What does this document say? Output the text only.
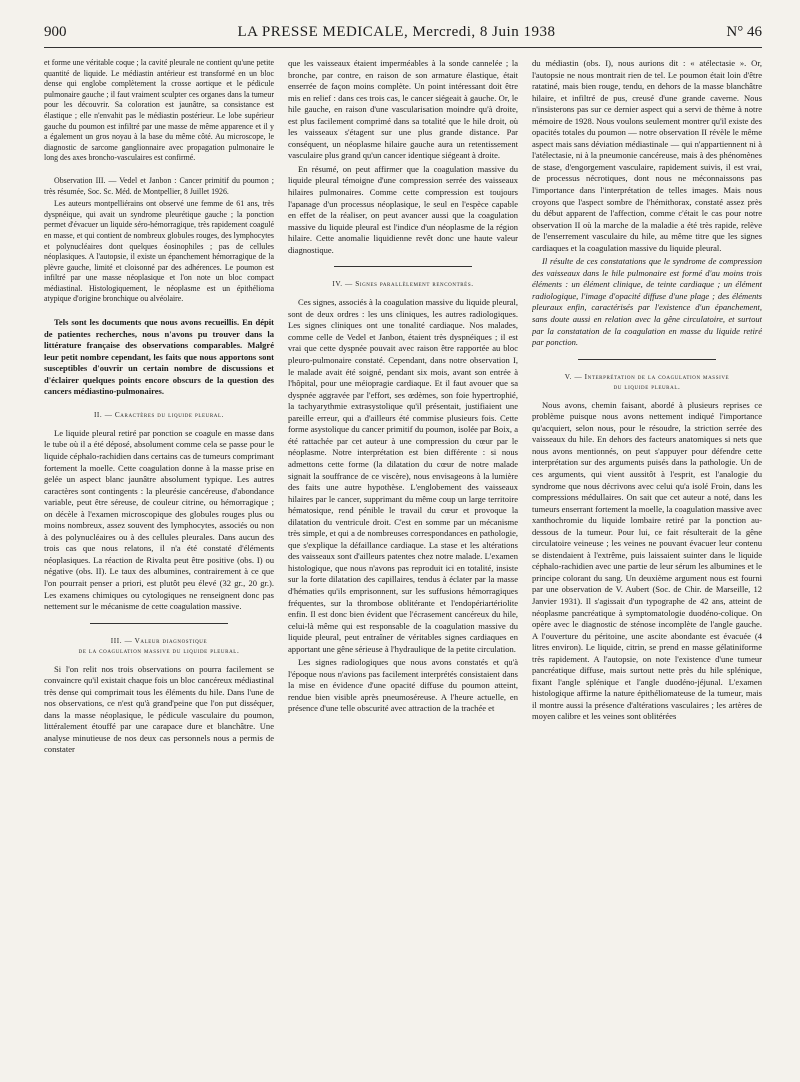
900	LA PRESSE MEDICALE, Mercredi, 8 Juin 1938	N° 46

et forme une véritable coque ; la cavité pleurale ne contient qu'une petite quantité de liquide. Le médiastin antérieur est transformé en un bloc dense qui englobe complètement la crosse aortique et le pédicule pulmonaire gauche ; il faut vraiment sculpter ces organes dans la tumeur pour les découvrir. Sa coloration est jaunâtre, sa consistance est élastique ; elle n'envahit pas le médiastin postérieur. Le lobe supérieur gauche du poumon est infiltré par une masse de même apparence et il y a également un gros noyau à la base du même côté. Au microscope, le diagnostic de sarcome ganglionnaire avec propagation pulmonaire le long des axes broncho-vasculaires est confirmé.

Observation III. — Vedel et Janbon : Cancer primitif du poumon ; très résumée, Soc. Sc. Méd. de Montpellier, 8 Juillet 1926.

Les auteurs montpelliérains ont observé une femme de 61 ans, très dyspnéique, qui avait un syndrome pleurétique gauche ; la ponction permet d'évacuer un liquide séro-hémorragique, très rapidement coagulé en masse, et qui contient de nombreux globules rouges, des lymphocytes et polynucléaires dont quelques éosinophiles ; pas de cellules néoplasiques. A l'autopsie, il existe un épanchement hémorragique de la plèvre gauche, limité et cloisonné par des adhérences. Le poumon est infiltré par une masse néoplasique et l'on note un bloc compact médiastinal. Histologiquement, le néoplasme est un épithélioma atypique d'origine bronchique ou alvéolaire.

Tels sont les documents que nous avons recueillis. En dépit de patientes recherches, nous n'avons pu trouver dans la littérature française des observations comparables. Malgré leur petit nombre cependant, les faits que nous apportons sont susceptibles d'ouvrir un certain nombre de discussions et d'éclairer quelques points encore obscurs de la question des cancers médiastino-pulmonaires.

II. — Caractères du liquide pleural.

Le liquide pleural retiré par ponction se coagule en masse dans le tube où il a été déposé, absolument comme cela se passe pour le liquide céphalo-rachidien dans certains cas de tumeurs comprimant fortement la moelle. Cette coagulation donne à la masse prise en gelée un aspect blanc jaunâtre absolument typique. Les autres caractères sont contingents : la pleurésie cancéreuse, d'abondance variable, peut être séreuse, de couleur citrine, ou hémorragique ; on décèle à l'examen microscopique des globules rouges plus ou moins nombreux, assez souvent des lymphocytes, associés ou non à des polynucléaires ou à des cellules pleurales. Dans aucun des trois cas que nous relatons, il n'a été constaté d'éléments néoplasiques. La réaction de Rivalta peut être positive (obs. I) ou négative (obs. II). Le taux des albumines, contrairement à ce que l'on pourrait penser a priori, est plutôt peu élevé (32 gr., 20 gr.). Les examens chimiques ou cytologiques ne renseignent donc pas nettement sur le mécanisme de cette coagulation massive.

III. — Valeur diagnostique
de la coagulation massive du liquide pleural.

Si l'on relit nos trois observations on pourra facilement se convaincre qu'il existait chaque fois un bloc cancéreux médiastinal très dense qui comprimait tous les éléments du hile. Dans l'une de nos observations, ce n'est qu'à grand'peine que l'on put disséquer, dans la masse néoplasique, le pédicule vasculaire du poumon, littéralement étouffé par une carapace dure et blanchâtre. Une analyse minutieuse de nos deux cas personnels nous a permis de constater

que les vaisseaux étaient imperméables à la sonde cannelée ; la bronche, par contre, en raison de son armature élastique, était enserrée de façon moins complète. Un point intéressant doit être mis en relief : dans ces trois cas, le cancer siégeait à gauche. Or, le hile gauche, en raison d'une vascularisation moindre qu'à droite, est plus facilement comprimé dans sa totalité que le hile droit, où les vaisseaux s'étagent sur une plus grande distance. Par conséquent, un néoplasme hilaire gauche aura un retentissement vasculaire plus grand qu'un cancer identique siégeant à droite.

En résumé, on peut affirmer que la coagulation massive du liquide pleural témoigne d'une compression serrée des vaisseaux hilaires pulmonaires. Comme cette compression est toujours l'apanage d'un processus néoplasique, le seul en l'espèce capable en effet de la réaliser, on peut avancer aussi que la coagulation massive du liquide pleural est l'indice d'un néoplasme de la région hilaire. Cette anomalie liquidienne revêt donc une haute valeur diagnostique.

IV. — Signes parallèlement rencontrés.

Ces signes, associés à la coagulation massive du liquide pleural, sont de deux ordres : les uns cliniques, les autres radiologiques. Les signes cliniques ont une tonalité cardiaque. Nos malades, comme celle de Vedel et Janbon, étaient très dyspnéiques ; il est vrai que cette dyspnée pouvait avec raison être rapportée au bloc pleuro-pulmonaire constaté. Cependant, dans notre observation I, le malade avait été soigné, pendant six mois, avant son entrée à l'hôpital, pour une méiopragie cardiaque. Et il faut avouer que sa dyspnée aggravée par l'effort, ses œdèmes, son foie hypertrophié, la tachyarythmie extrasystolique qu'il présentait, justifiaient une pareille erreur, qui a d'ailleurs été commise plusieurs fois. Cette forme asystolique du cancer primitif du poumon, isolée par Boix, a été rattachée par cet auteur à une compression du cœur par le néoplasme. Notre interprétation est bien différente : si nous admettons cette forme (la dilatation du cœur de notre malade signait la souffrance de ce viscère), nous envisageons à la lumière des faits une autre hypothèse. L'englobement des vaisseaux hilaires par le cancer, supprimant du même coup un large territoire hématosique, rend pénible le travail du cœur et provoque la dilatation du ventricule droit. C'est en somme par un mécanisme très simple, et qui a de nombreuses correspondances en pathologie, que s'explique la défaillance cardiaque. La stase et les altérations des vaisseaux sont d'ailleurs patentes chez notre malade. L'examen histologique, que nous n'avons pas reproduit ici en totalité, insiste sur la forte dilatation des capillaires, tendus à éclater par la masse d'hématies qu'ils emprisonnent, sur les suffusions hémorragiques fréquentes, sur la thrombose oblitérante et l'endopériartériolite enfin. Il est donc bien évident que l'écrasement cancéreux du hile, celui-là même qui est responsable de la coagulation massive du liquide pleural, peut entraîner de véritables signes cardiaques en apportant une gêne sérieuse à l'hydraulique de la petite circulation.

Les signes radiologiques que nous avons constatés et qu'à l'époque nous n'avions pas facilement interprétés consistaient dans la mise en évidence d'une opacité diffuse du poumon atteint, rendue bien visible après pneumoséreuse. A l'heure actuelle, en présence d'une telle obscurité avec attraction de la trachée et

du médiastin (obs. I), nous aurions dit : « atélectasie ». Or, l'autopsie ne nous montrait rien de tel. Le poumon était loin d'être ratatiné, mais bien rouge, tendu, en dehors de la masse blanchâtre hilaire, et infiltré de pus, creusé d'une grande caverne. Nous n'insisterons pas sur ce dernier aspect qui a servi de thème à notre mémoire de 1928. Nous voulons seulement montrer qu'il existe des opacités totales du poumon — notre observation II révèle le même aspect mais sans déviation médiastinale — qui n'appartiennent ni à l'atélectasie, ni à la pneumonie cancéreuse, mais à des phénomènes de stase, d'engorgement vasculaire, rapidement suivis, il est vrai, de processus nécrotiques, dont nous ne méconnaissons pas l'importance dans l'interprétation de telles images. Mais nous croyons que l'aspect sombre de l'hémithorax, constaté assez près du début apparent de l'affection, comme c'était le cas pour notre observation II où la marche de la maladie a été très rapide, relève de l'enserrement vasculaire du hile, au même titre que les signes cardiaques et la coagulation massive du liquide pleural.

Il résulte de ces constatations que le syndrome de compression des vaisseaux dans le hile pulmonaire est formé d'au moins trois éléments : un élément clinique, de teinte cardiaque ; un élément radiologique, l'image d'opacité diffuse d'une plage ; des éléments pleuraux enfin, caractérisés par l'existence d'un épanchement, sans doute aussi en relation avec la gêne circulatoire, et surtout par la constatation de la coagulation en masse du liquide retiré par ponction.

V. — Interprétation de la coagulation massive
du liquide pleural.

Nous avons, chemin faisant, abordé à plusieurs reprises ce problème puisque nous avons nettement indiqué l'importance qu'acquiert, selon nous, pour le résoudre, la striction serrée des vaisseaux du hile. En dehors des facteurs anatomiques si nets que nous avons mentionnés, on peut s'appuyer pour défendre cette interprétation sur des arguments puisés dans la pathologie. Un de ces arguments, qui vient aussitôt à l'esprit, est l'analogie du syndrome que nous décrivons avec celui qu'a isolé Froin, dans les compressions médullaires. On sait que cet auteur a noté, dans les tumeurs enserrant fortement la moelle, la coagulation massive avec xanthochromie du liquide lombaire retiré par la ponction au-dessous de la tumeur. Pour lui, ce fait résulterait de la gêne circulatoire veineuse ; les veines ne pouvant évacuer leur contenu se distendaient à l'extrême, puis laissaient suinter dans le liquide céphalo-rachidien avec une partie de leur sérum les albumines et le principe colorant du sang. Un deuxième argument nous est fourni par une observation de V. Aubert (Soc. de Chir. de Marseille, 12 Janvier 1931). Il s'agissait d'un typographe de 42 ans, atteint de néoplasme pancréatique à symptomatologie duodéno-colique. On opère avec le diagnostic de sténose incomplète de l'angle gauche. A l'ouverture du péritoine, une ascite abondante est évacuée (4 litres environ). Le liquide, citrin, se prend en masse gélatiniforme très rapidement. A l'autopsie, on note l'existence d'une tumeur pancréatique diffuse, mais surtout nette près du hile splénique, fixant l'angle splénique et l'angle duodéno-jéjunal. L'examen histologique affirme la nature épithéliomateuse de la tumeur, mais il montre aussi la présence d'altérations vasculaires ; les artères de moyen calibre et les veines sont oblitérées
